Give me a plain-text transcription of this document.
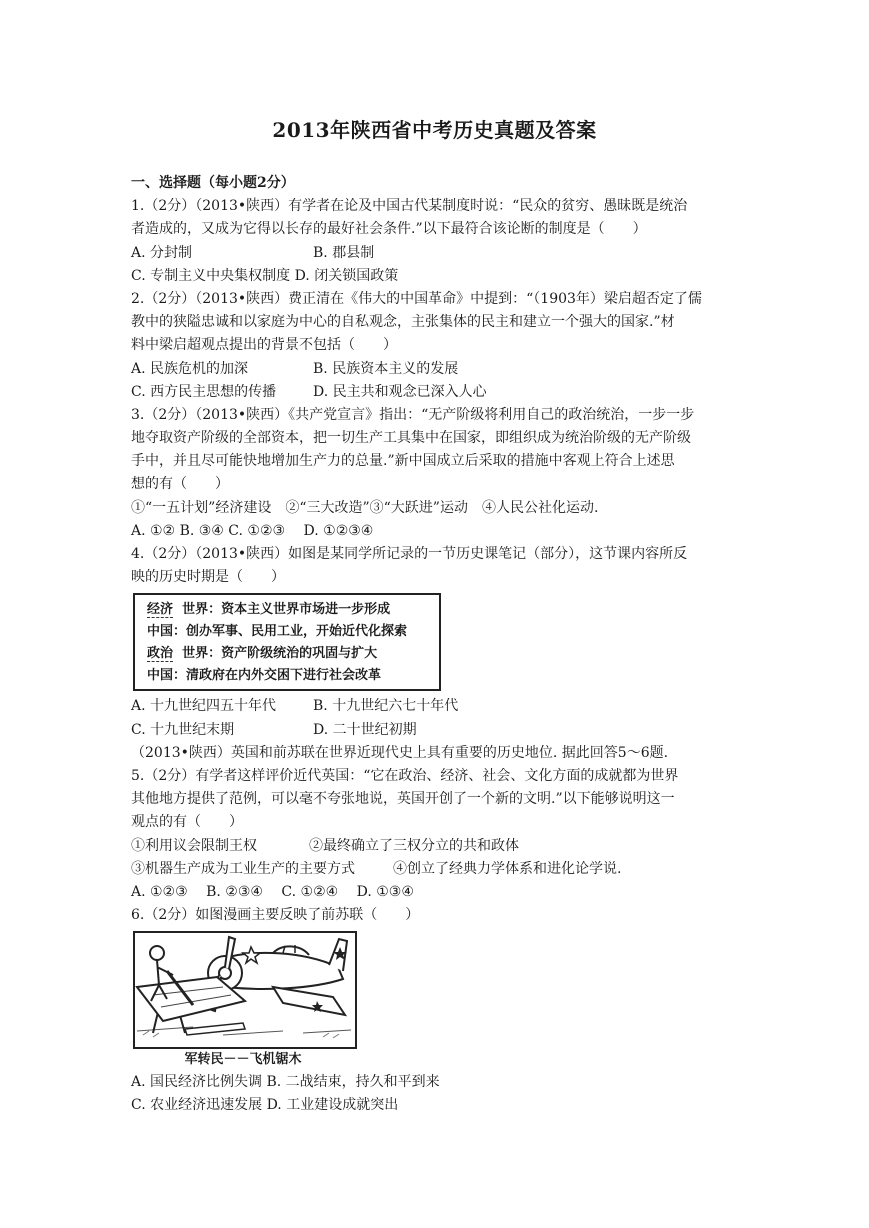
2013年陕西省中考历史真题及答案
一、选择题（每小题2分）
1.（2分）（2013•陕西）有学者在论及中国古代某制度时说：“民众的贫穷、愚昧既是统治
者造成的，又成为它得以长存的最好社会条件.”以下最符合该论断的制度是（　　）
A. 分封制	B. 郡县制
C. 专制主义中央集权制度 D. 闭关锁国政策
2.（2分）（2013•陕西）费正清在《伟大的中国革命》中提到：“（1903年）梁启超否定了儒
教中的狭隘忠诚和以家庭为中心的自私观念，主张集体的民主和建立一个强大的国家.”材
料中梁启超观点提出的背景不包括（　　）
A. 民族危机的加深	B. 民族资本主义的发展
C. 西方民主思想的传播	D. 民主共和观念已深入人心
3.（2分）（2013•陕西）《共产党宣言》指出：“无产阶级将利用自己的政治统治，一步一步
地夺取资产阶级的全部资本，把一切生产工具集中在国家，即组织成为统治阶级的无产阶级
手中，并且尽可能快地增加生产力的总量.”新中国成立后采取的措施中客观上符合上述思
想的有（　　）
①“一五计划”经济建设　②“三大改造”③“大跃进”运动　④人民公社化运动.
A. ①② B. ③④ C. ①②③　 D. ①②③④
4.（2分）（2013•陕西）如图是某同学所记录的一节历史课笔记（部分），这节课内容所反
映的历史时期是（　　）
经济 世界：资本主义世界市场进一步形成
中国：创办军事、民用工业，开始近代化探索
政治 世界：资产阶级统治的巩固与扩大
中国：清政府在内外交困下进行社会改革
A. 十九世纪四五十年代	B. 十九世纪六七十年代
C. 十九世纪末期	D. 二十世纪初期
（2013•陕西）英国和前苏联在世界近现代史上具有重要的历史地位. 据此回答5～6题.
5.（2分）有学者这样评价近代英国：“它在政治、经济、社会、文化方面的成就都为世界
其他地方提供了范例，可以毫不夸张地说，英国开创了一个新的文明.”以下能够说明这一
观点的有（　　）
①利用议会限制王权	②最终确立了三权分立的共和政体
③机器生产成为工业生产的主要方式	④创立了经典力学体系和进化论学说.
A. ①②③　 B. ②③④　 C. ①②④　 D. ①③④
6.（2分）如图漫画主要反映了前苏联（　　）
军转民－－飞机锯木
A. 国民经济比例失调 B. 二战结束，持久和平到来
C. 农业经济迅速发展 D. 工业建设成就突出
